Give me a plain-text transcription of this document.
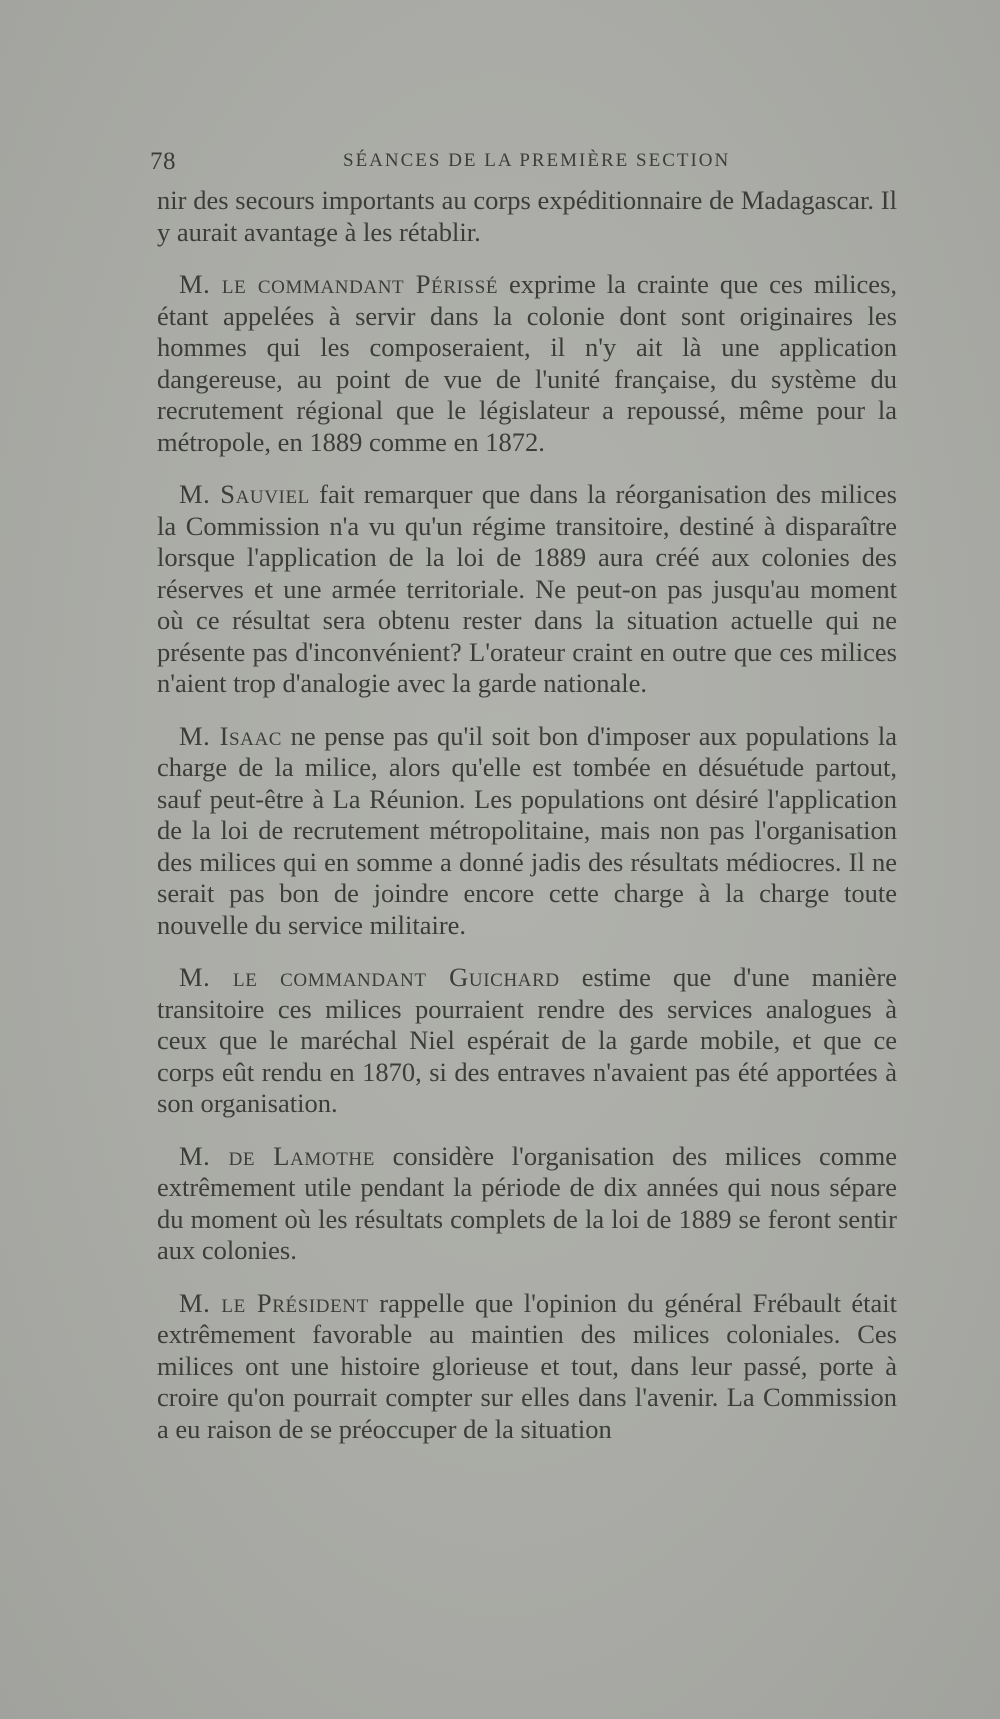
78	SÉANCES DE LA PREMIÈRE SECTION

nir des secours importants au corps expéditionnaire de Madagascar. Il y aurait avantage à les rétablir.

M. le commandant Périssé exprime la crainte que ces milices, étant appelées à servir dans la colonie dont sont originaires les hommes qui les composeraient, il n'y ait là une application dangereuse, au point de vue de l'unité française, du système du recrutement régional que le législateur a repoussé, même pour la métropole, en 1889 comme en 1872.

M. Sauviel fait remarquer que dans la réorganisation des milices la Commission n'a vu qu'un régime transitoire, destiné à disparaître lorsque l'application de la loi de 1889 aura créé aux colonies des réserves et une armée territoriale. Ne peut-on pas jusqu'au moment où ce résultat sera obtenu rester dans la situation actuelle qui ne présente pas d'inconvénient? L'orateur craint en outre que ces milices n'aient trop d'analogie avec la garde nationale.

M. Isaac ne pense pas qu'il soit bon d'imposer aux populations la charge de la milice, alors qu'elle est tombée en désuétude partout, sauf peut-être à La Réunion. Les populations ont désiré l'application de la loi de recrutement métropolitaine, mais non pas l'organisation des milices qui en somme a donné jadis des résultats médiocres. Il ne serait pas bon de joindre encore cette charge à la charge toute nouvelle du service militaire.

M. le commandant Guichard estime que d'une manière transitoire ces milices pourraient rendre des services analogues à ceux que le maréchal Niel espérait de la garde mobile, et que ce corps eût rendu en 1870, si des entraves n'avaient pas été apportées à son organisation.

M. de Lamothe considère l'organisation des milices comme extrêmement utile pendant la période de dix années qui nous sépare du moment où les résultats complets de la loi de 1889 se feront sentir aux colonies.

M. le Président rappelle que l'opinion du général Frébault était extrêmement favorable au maintien des milices coloniales. Ces milices ont une histoire glorieuse et tout, dans leur passé, porte à croire qu'on pourrait compter sur elles dans l'avenir. La Commission a eu raison de se préoccuper de la situation
